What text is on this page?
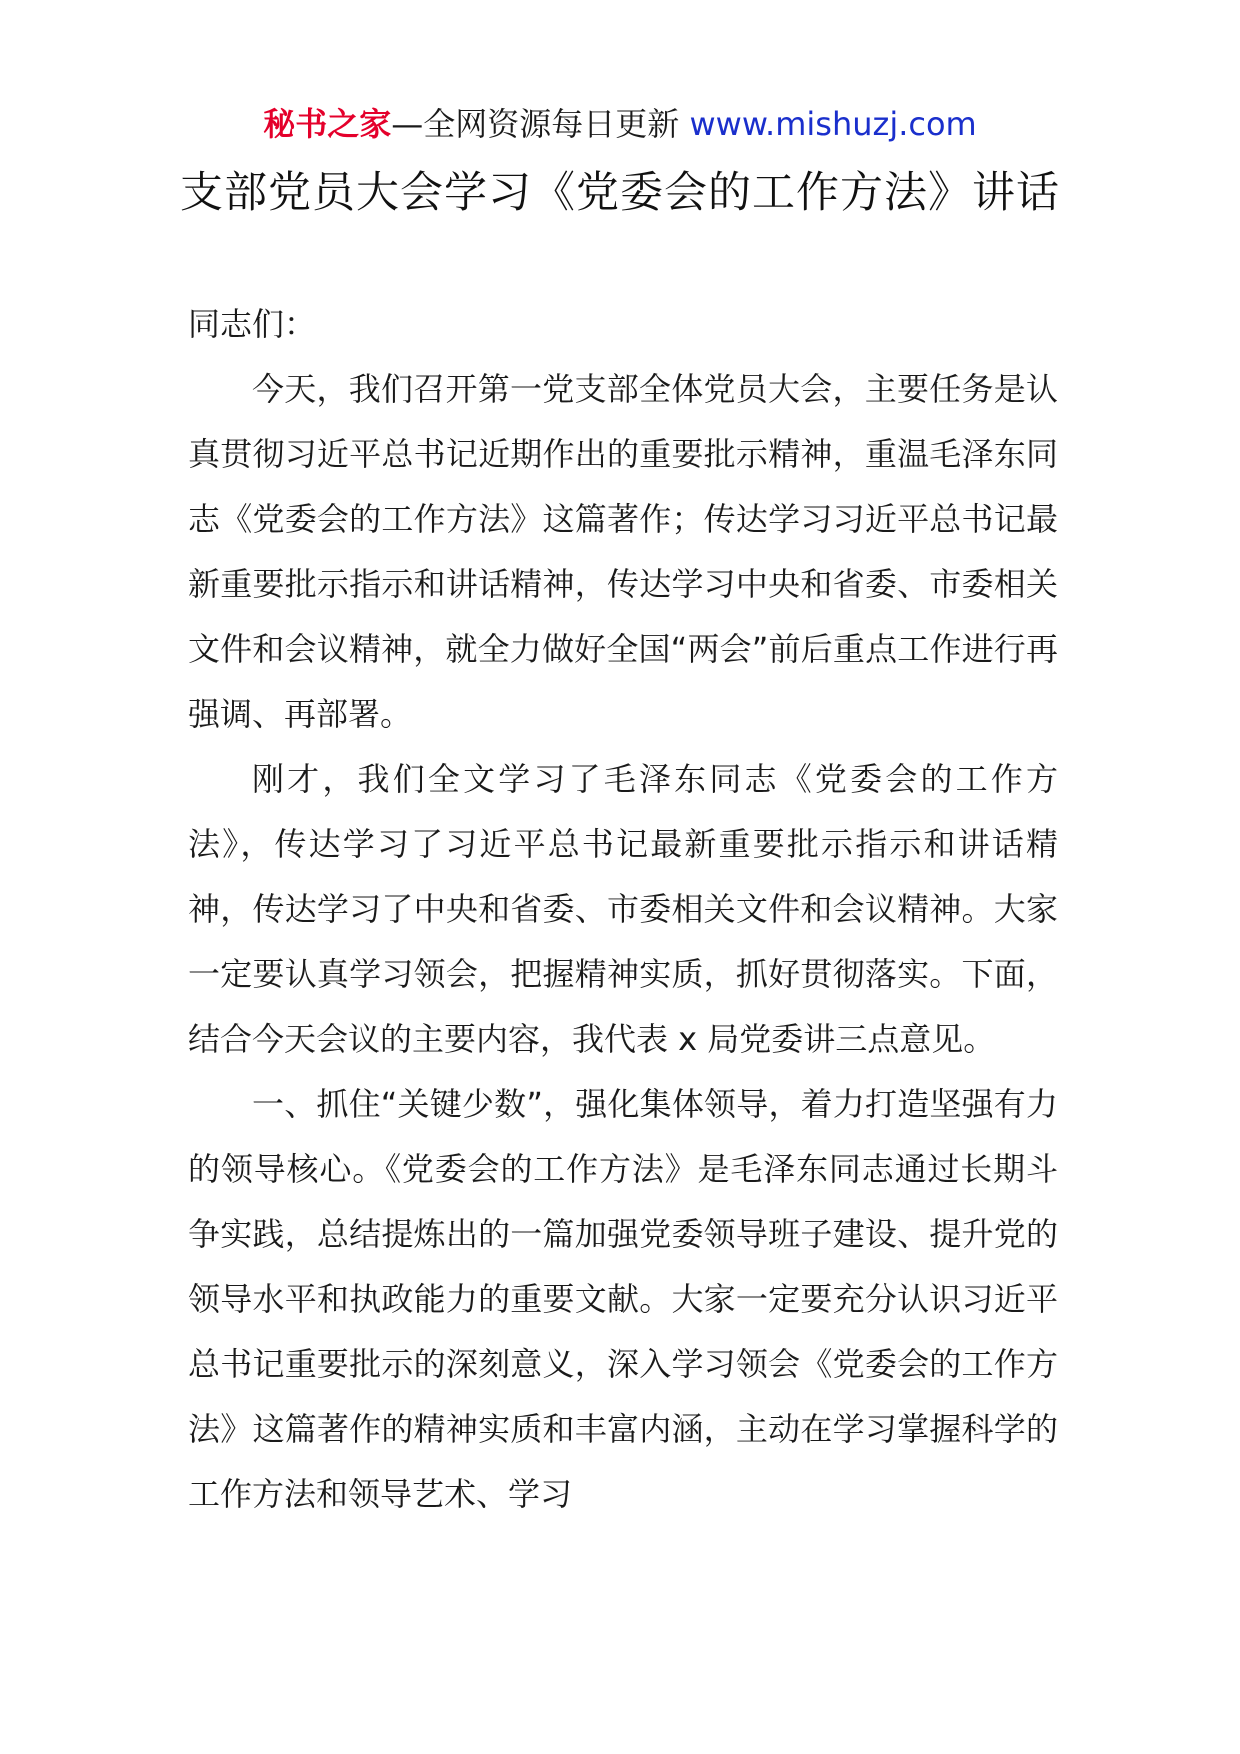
秘书之家—全网资源每日更新 www.mishuzj.com
支部党员大会学习《党委会的工作方法》讲话

同志们：

今天，我们召开第一党支部全体党员大会，主要任务是认真贯彻习近平总书记近期作出的重要批示精神，重温毛泽东同志《党委会的工作方法》这篇著作；传达学习习近平总书记最新重要批示指示和讲话精神，传达学习中央和省委、市委相关文件和会议精神，就全力做好全国“两会”前后重点工作进行再强调、再部署。

刚才，我们全文学习了毛泽东同志《党委会的工作方法》，传达学习了习近平总书记最新重要批示指示和讲话精神，传达学习了中央和省委、市委相关文件和会议精神。大家一定要认真学习领会，把握精神实质，抓好贯彻落实。下面，结合今天会议的主要内容，我代表 x 局党委讲三点意见。

一、抓住“关键少数”，强化集体领导，着力打造坚强有力的领导核心。《党委会的工作方法》是毛泽东同志通过长期斗争实践，总结提炼出的一篇加强党委领导班子建设、提升党的领导水平和执政能力的重要文献。大家一定要充分认识习近平总书记重要批示的深刻意义，深入学习领会《党委会的工作方法》这篇著作的精神实质和丰富内涵，主动在学习掌握科学的工作方法和领导艺术、学习
